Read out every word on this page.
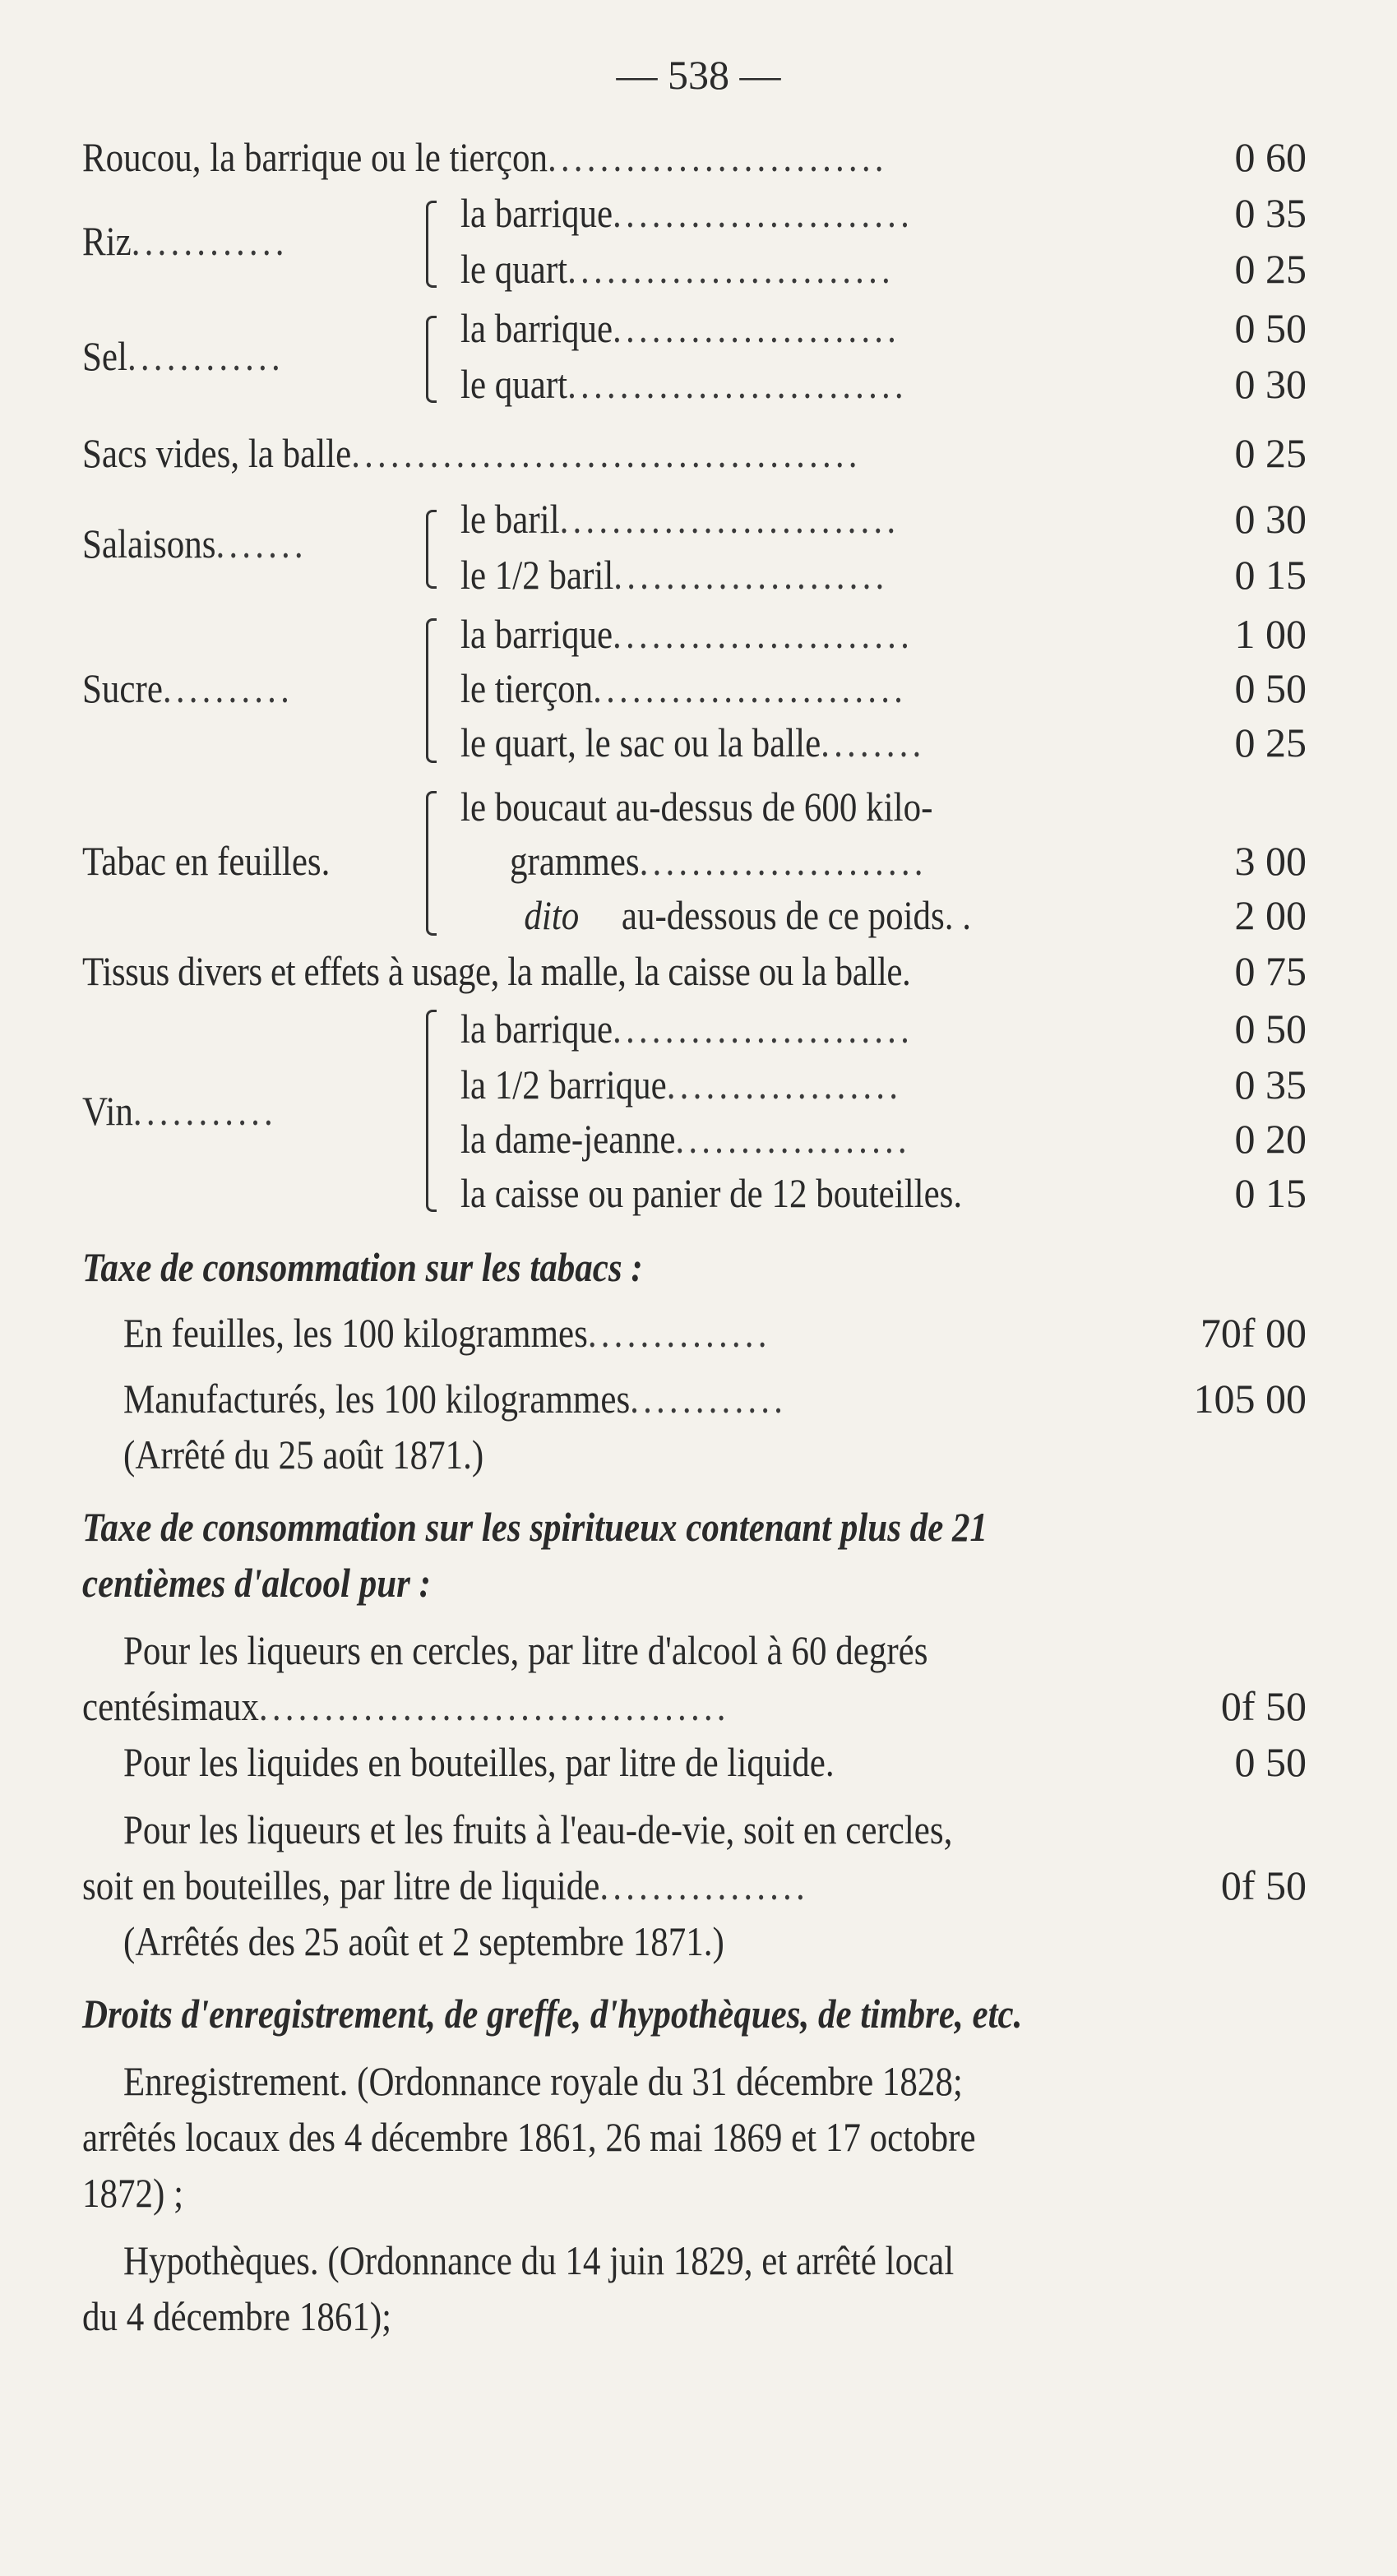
— 538 —
Roucou, la barrique ou le tierçon..........................	0 60
Riz............
la barrique.......................	0 35
le quart.........................	0 25
Sel............
la barrique......................	0 50
le quart..........................	0 30
Sacs vides, la balle.......................................	0 25
Salaisons.......
le baril..........................	0 30
le 1/2 baril.....................	0 15
Sucre..........
la barrique.......................	1 00
le tierçon........................	0 50
le quart, le sac ou la balle........	0 25
Tabac en feuilles.
le boucaut au-dessus de 600 kilo-
grammes......................	3 00
dito au-dessous de ce poids. .	2 00
Tissus divers et effets à usage, la malle, la caisse ou la balle.	0 75
Vin...........
la barrique.......................	0 50
la 1/2 barrique..................	0 35
la dame-jeanne..................	0 20
la caisse ou panier de 12 bouteilles.	0 15
Taxe de consommation sur les tabacs :
En feuilles, les 100 kilogrammes..............	70f 00
Manufacturés, les 100 kilogrammes............	105 00
(Arrêté du 25 août 1871.)
Taxe de consommation sur les spiritueux contenant plus de 21
centièmes d'alcool pur :
Pour les liqueurs en cercles, par litre d'alcool à 60 degrés
centésimaux....................................	0f 50
Pour les liquides en bouteilles, par litre de liquide.	0 50
Pour les liqueurs et les fruits à l'eau-de-vie, soit en cercles,
soit en bouteilles, par litre de liquide................	0f 50
(Arrêtés des 25 août et 2 septembre 1871.)
Droits d'enregistrement, de greffe, d'hypothèques, de timbre, etc.
Enregistrement. (Ordonnance royale du 31 décembre 1828;
arrêtés locaux des 4 décembre 1861, 26 mai 1869 et 17 octobre
1872) ;
Hypothèques. (Ordonnance du 14 juin 1829, et arrêté local
du 4 décembre 1861);
